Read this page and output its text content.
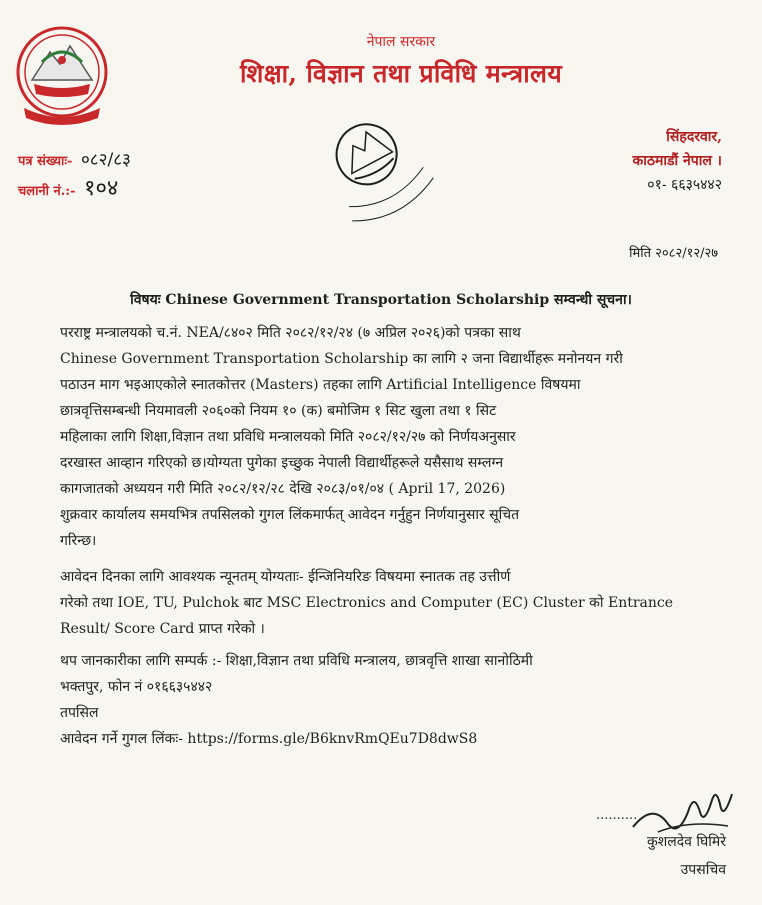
नेपाल सरकार
शिक्षा, विज्ञान तथा प्रविधि मन्त्रालय
पत्र संख्याः- ०८२/८३
चलानी नं.:- १०४
सिंहदरवार,
काठमाडौं नेपाल ।
०१- ६६३५४४२
मिति २०८२/१२/२७
विषयः Chinese Government Transportation Scholarship सम्वन्धी सूचना।
परराष्ट्र मन्त्रालयको च.नं. NEA/८४०२ मिति २०८२/१२/२४ (७ अप्रिल २०२६)को पत्रका साथ
Chinese Government Transportation Scholarship का लागि २ जना विद्यार्थीहरू मनोनयन गरी
पठाउन माग भइआएकोले स्नातकोत्तर (Masters) तहका लागि Artificial Intelligence विषयमा
छात्रवृत्तिसम्बन्धी नियमावली २०६०को नियम १० (क) बमोजिम १ सिट खुला तथा १ सिट
महिलाका लागि शिक्षा,विज्ञान तथा प्रविधि मन्त्रालयको मिति २०८२/१२/२७ को निर्णयअनुसार
दरखास्त आव्हान गरिएको छ।योग्यता पुगेका इच्छुक नेपाली विद्यार्थीहरूले यसैसाथ सम्लग्न
कागजातको अध्ययन गरी मिति २०८२/१२/२८ देखि २०८३/०१/०४ ( April 17, 2026)
शुक्रवार कार्यालय समयभित्र तपसिलको गुगल लिंकमार्फत् आवेदन गर्नुहुन निर्णयानुसार सूचित
गरिन्छ।
आवेदन दिनका लागि आवश्यक न्यूनतम् योग्यताः- ईन्जिनियरिङ विषयमा स्नातक तह उत्तीर्ण
गरेको तथा IOE, TU, Pulchok बाट MSC Electronics and Computer (EC) Cluster को Entrance
Result/ Score Card प्राप्त गरेको ।
थप जानकारीका लागि सम्पर्क :- शिक्षा,विज्ञान तथा प्रविधि मन्त्रालय, छात्रवृत्ति शाखा सानोठिमी
भक्तपुर, फोन नं ०१६६३५४४२
तपसिल
आवेदन गर्ने गुगल लिंकः- https://forms.gle/B6knvRmQEu7D8dwS8
..........
कुशलदेव घिमिरे
उपसचिव
